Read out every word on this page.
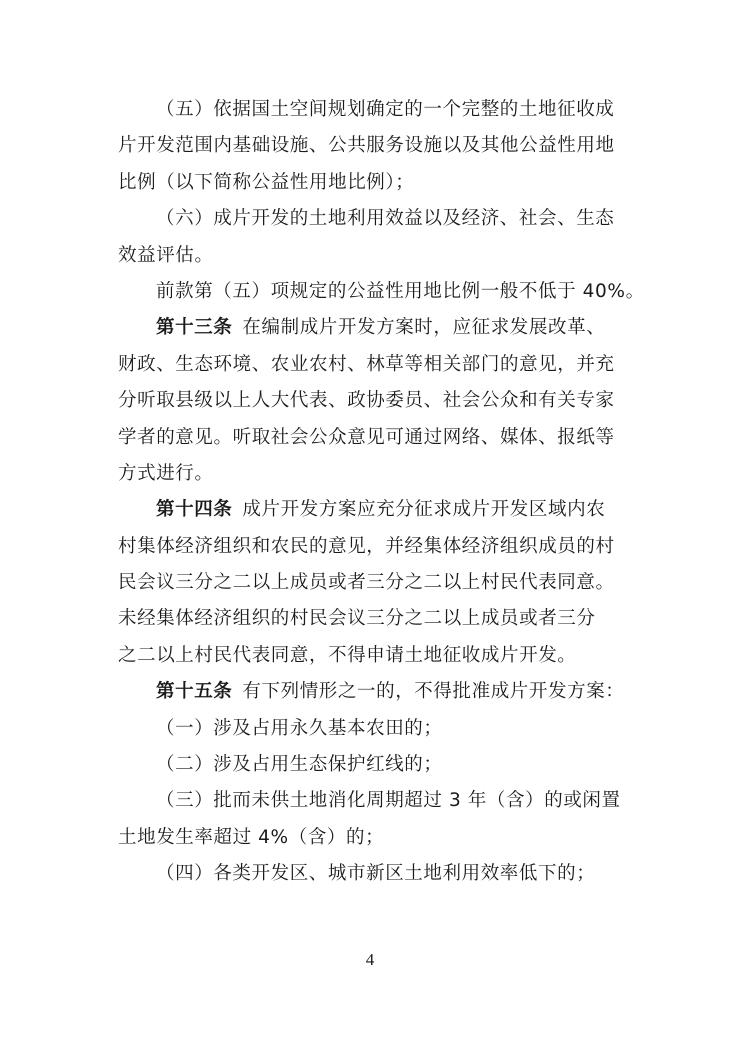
（五）依据国土空间规划确定的一个完整的土地征收成
片开发范围内基础设施、公共服务设施以及其他公益性用地
比例（以下简称公益性用地比例）；
（六）成片开发的土地利用效益以及经济、社会、生态
效益评估。
前款第（五）项规定的公益性用地比例一般不低于 40%。
第十三条 在编制成片开发方案时，应征求发展改革、
财政、生态环境、农业农村、林草等相关部门的意见，并充
分听取县级以上人大代表、政协委员、社会公众和有关专家
学者的意见。听取社会公众意见可通过网络、媒体、报纸等
方式进行。
第十四条 成片开发方案应充分征求成片开发区域内农
村集体经济组织和农民的意见，并经集体经济组织成员的村
民会议三分之二以上成员或者三分之二以上村民代表同意。
未经集体经济组织的村民会议三分之二以上成员或者三分
之二以上村民代表同意，不得申请土地征收成片开发。
第十五条 有下列情形之一的，不得批准成片开发方案：
（一）涉及占用永久基本农田的；
（二）涉及占用生态保护红线的；
（三）批而未供土地消化周期超过 3 年（含）的或闲置
土地发生率超过 4%（含）的；
（四）各类开发区、城市新区土地利用效率低下的；
4
